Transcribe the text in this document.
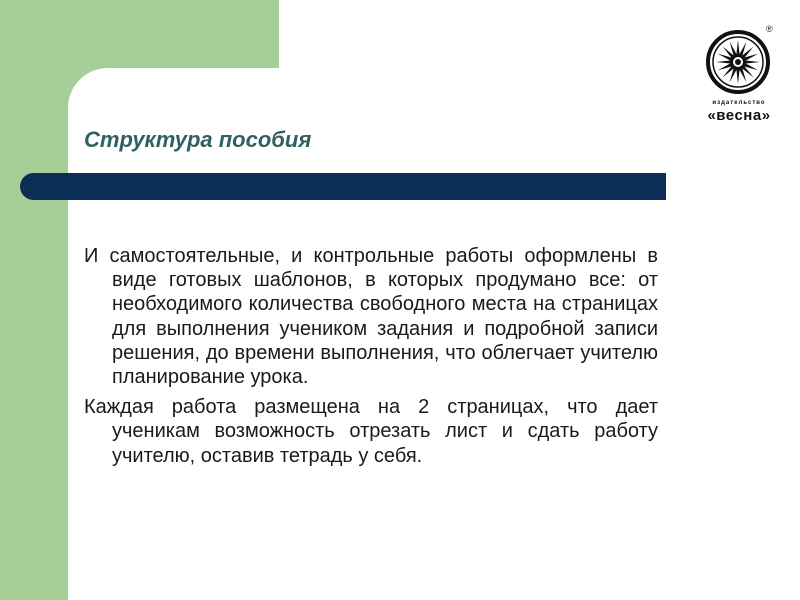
Структура пособия

И самостоятельные, и контрольные работы оформлены в виде готовых шаблонов, в которых продумано все: от необходимого количества свободного места на страницах для выполнения учеником задания и подробной записи решения, до времени выполнения, что облегчает учителю планирование урока.

Каждая работа размещена на 2 страницах, что дает ученикам возможность отрезать лист и сдать работу учителю, оставив тетрадь у себя.

®
издательство
«весна»
